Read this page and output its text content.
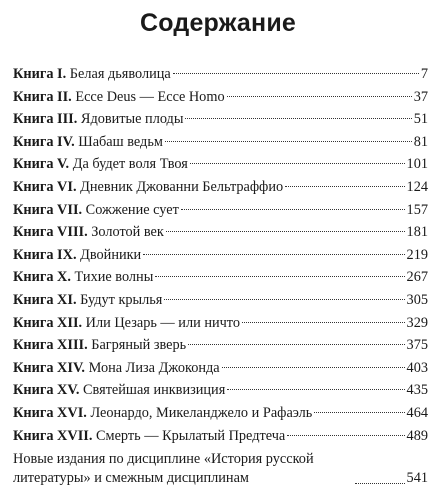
Содержание
Книга I. Белая дьяволица	7
Книга II. Ecce Deus — Ecce Homo	37
Книга III. Ядовитые плоды	51
Книга IV. Шабаш ведьм	81
Книга V. Да будет воля Твоя	101
Книга VI. Дневник Джованни Бельтраффио	124
Книга VII. Сожжение сует	157
Книга VIII. Золотой век	181
Книга IX. Двойники	219
Книга X. Тихие волны	267
Книга XI. Будут крылья	305
Книга XII. Или Цезарь — или ничто	329
Книга XIII. Багряный зверь	375
Книга XIV. Мона Лиза Джоконда	403
Книга XV. Святейшая инквизиция	435
Книга XVI. Леонардо, Микеланджело и Рафаэль	464
Книга XVII. Смерть — Крылатый Предтеча	489
Новые издания по дисциплине «История русской литературы» и смежным дисциплинам	541
